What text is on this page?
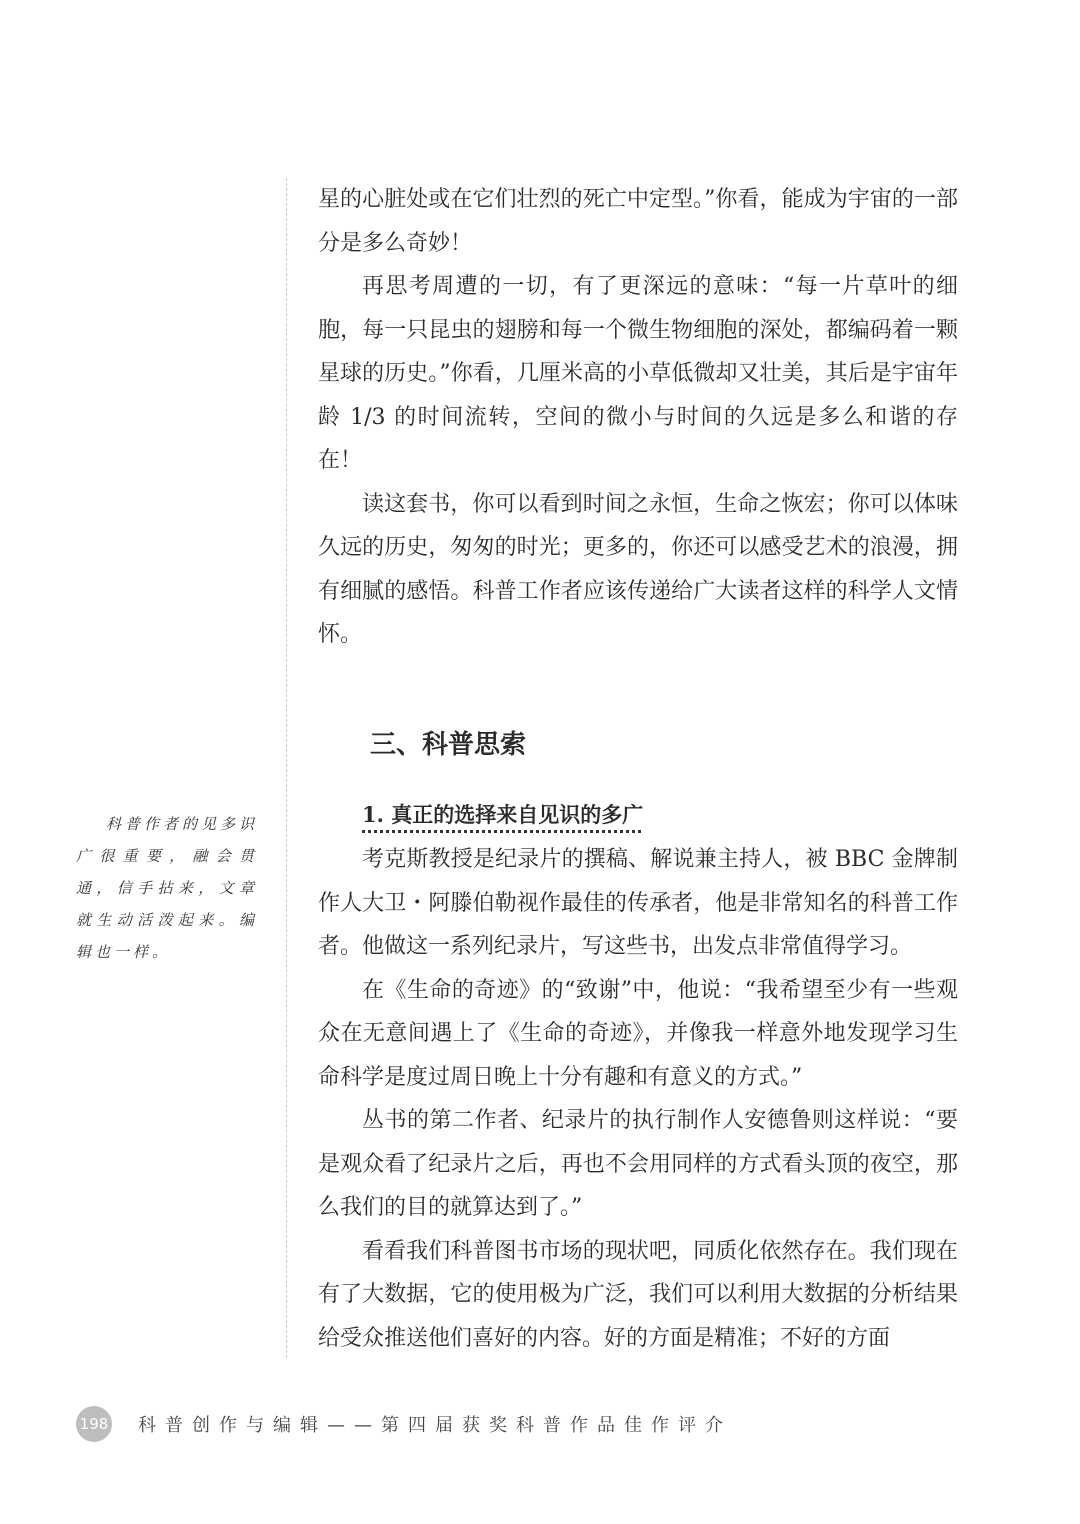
星的心脏处或在它们壮烈的死亡中定型。”你看，能成为宇宙的一部分是多么奇妙！

再思考周遭的一切，有了更深远的意味：“每一片草叶的细胞，每一只昆虫的翅膀和每一个微生物细胞的深处，都编码着一颗星球的历史。”你看，几厘米高的小草低微却又壮美，其后是宇宙年龄 1/3 的时间流转，空间的微小与时间的久远是多么和谐的存在！

读这套书，你可以看到时间之永恒，生命之恢宏；你可以体味久远的历史，匆匆的时光；更多的，你还可以感受艺术的浪漫，拥有细腻的感悟。科普工作者应该传递给广大读者这样的科学人文情怀。

三、科普思索
1. 真正的选择来自见识的多广

考克斯教授是纪录片的撰稿、解说兼主持人，被 BBC 金牌制作人大卫・阿滕伯勒视作最佳的传承者，他是非常知名的科普工作者。他做这一系列纪录片，写这些书，出发点非常值得学习。

在《生命的奇迹》的“致谢”中，他说：“我希望至少有一些观众在无意间遇上了《生命的奇迹》，并像我一样意外地发现学习生命科学是度过周日晚上十分有趣和有意义的方式。”

丛书的第二作者、纪录片的执行制作人安德鲁则这样说：“要是观众看了纪录片之后，再也不会用同样的方式看头顶的夜空，那么我们的目的就算达到了。”

看看我们科普图书市场的现状吧，同质化依然存在。我们现在有了大数据，它的使用极为广泛，我们可以利用大数据的分析结果给受众推送他们喜好的内容。好的方面是精准；不好的方面

科普作者的见多识广很重要，融会贯通，信手拈来，文章就生动活泼起来。编辑也一样。

198 科普创作与编辑——第四届获奖科普作品佳作评介
